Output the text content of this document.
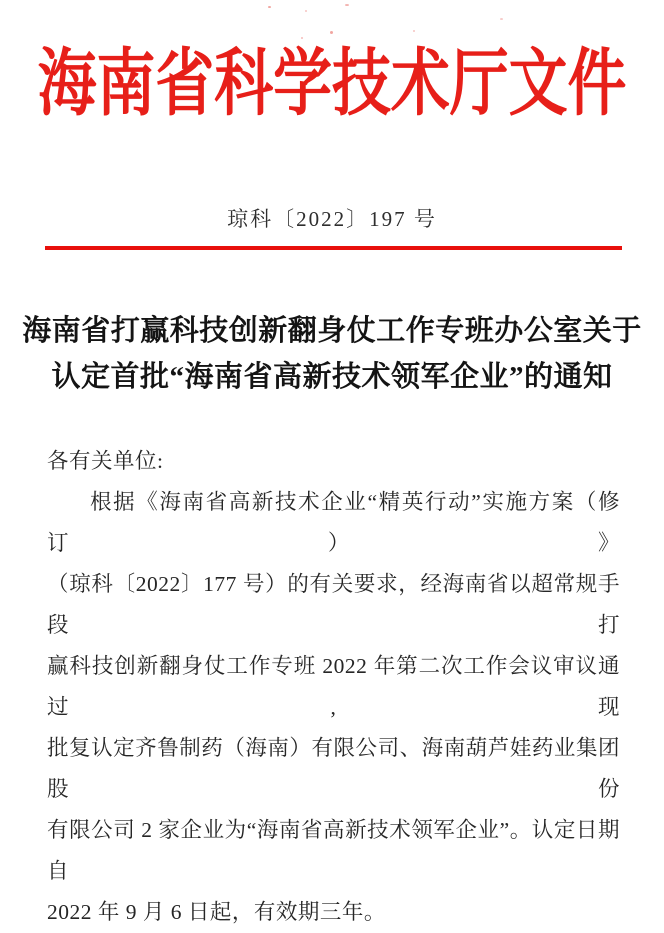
海南省科学技术厅文件
琼科〔2022〕197 号
海南省打赢科技创新翻身仗工作专班办公室关于
认定首批“海南省高新技术领军企业”的通知
各有关单位:
根据《海南省高新技术企业“精英行动”实施方案（修订）》
（琼科〔2022〕177 号）的有关要求，经海南省以超常规手段打
赢科技创新翻身仗工作专班 2022 年第二次工作会议审议通过,现
批复认定齐鲁制药（海南）有限公司、海南葫芦娃药业集团股份
有限公司 2 家企业为“海南省高新技术领军企业”。认定日期自
2022 年 9 月 6 日起，有效期三年。
